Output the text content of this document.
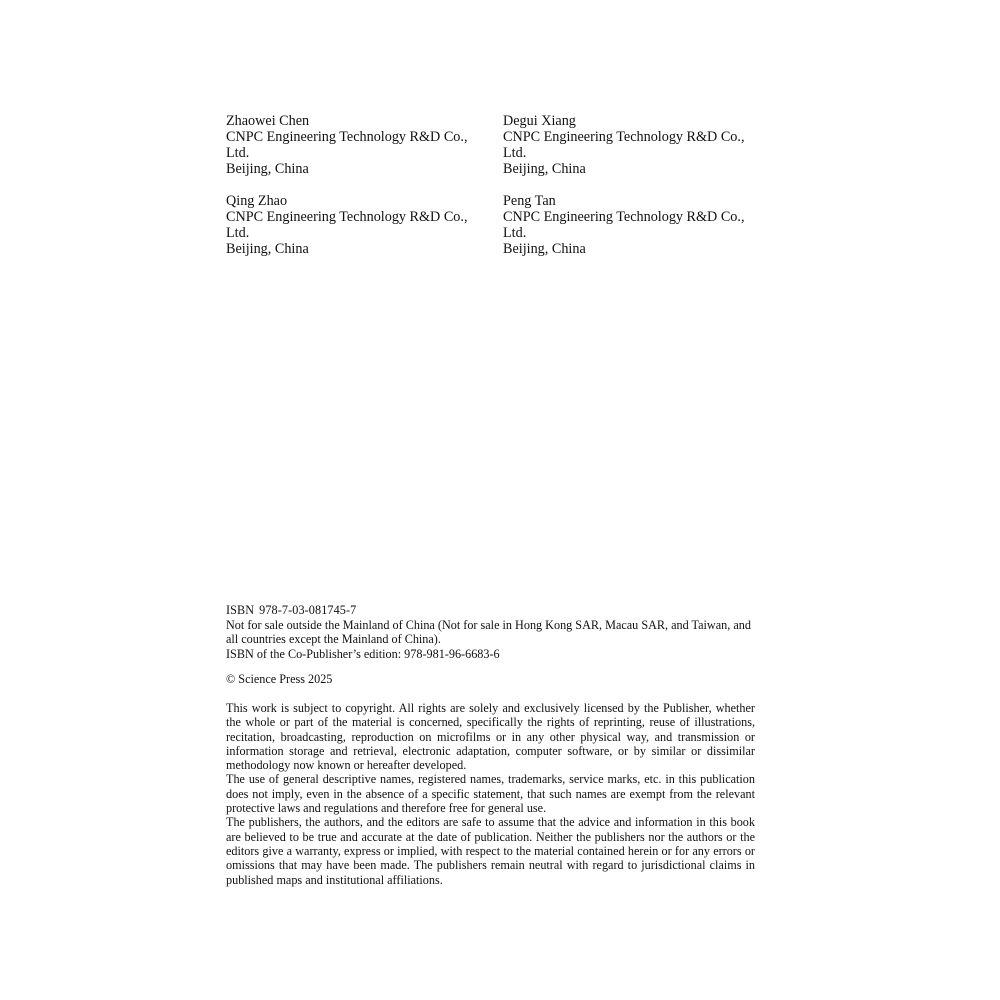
Zhaowei Chen
CNPC Engineering Technology R&D Co., Ltd.
Beijing, China
Degui Xiang
CNPC Engineering Technology R&D Co., Ltd.
Beijing, China
Qing Zhao
CNPC Engineering Technology R&D Co., Ltd.
Beijing, China
Peng Tan
CNPC Engineering Technology R&D Co., Ltd.
Beijing, China
ISBN 978-7-03-081745-7
Not for sale outside the Mainland of China (Not for sale in Hong Kong SAR, Macau SAR, and Taiwan, and all countries except the Mainland of China).
ISBN of the Co-Publisher’s edition: 978-981-96-6683-6
© Science Press 2025

This work is subject to copyright. All rights are solely and exclusively licensed by the Publisher, whether the whole or part of the material is concerned, specifically the rights of reprinting, reuse of illustrations, recitation, broadcasting, reproduction on microfilms or in any other physical way, and transmission or information storage and retrieval, electronic adaptation, computer software, or by similar or dissimilar methodology now known or hereafter developed.

The use of general descriptive names, registered names, trademarks, service marks, etc. in this publication does not imply, even in the absence of a specific statement, that such names are exempt from the relevant protective laws and regulations and therefore free for general use.

The publishers, the authors, and the editors are safe to assume that the advice and information in this book are believed to be true and accurate at the date of publication. Neither the publishers nor the authors or the editors give a warranty, express or implied, with respect to the material contained herein or for any errors or omissions that may have been made. The publishers remain neutral with regard to jurisdictional claims in published maps and institutional affiliations.
